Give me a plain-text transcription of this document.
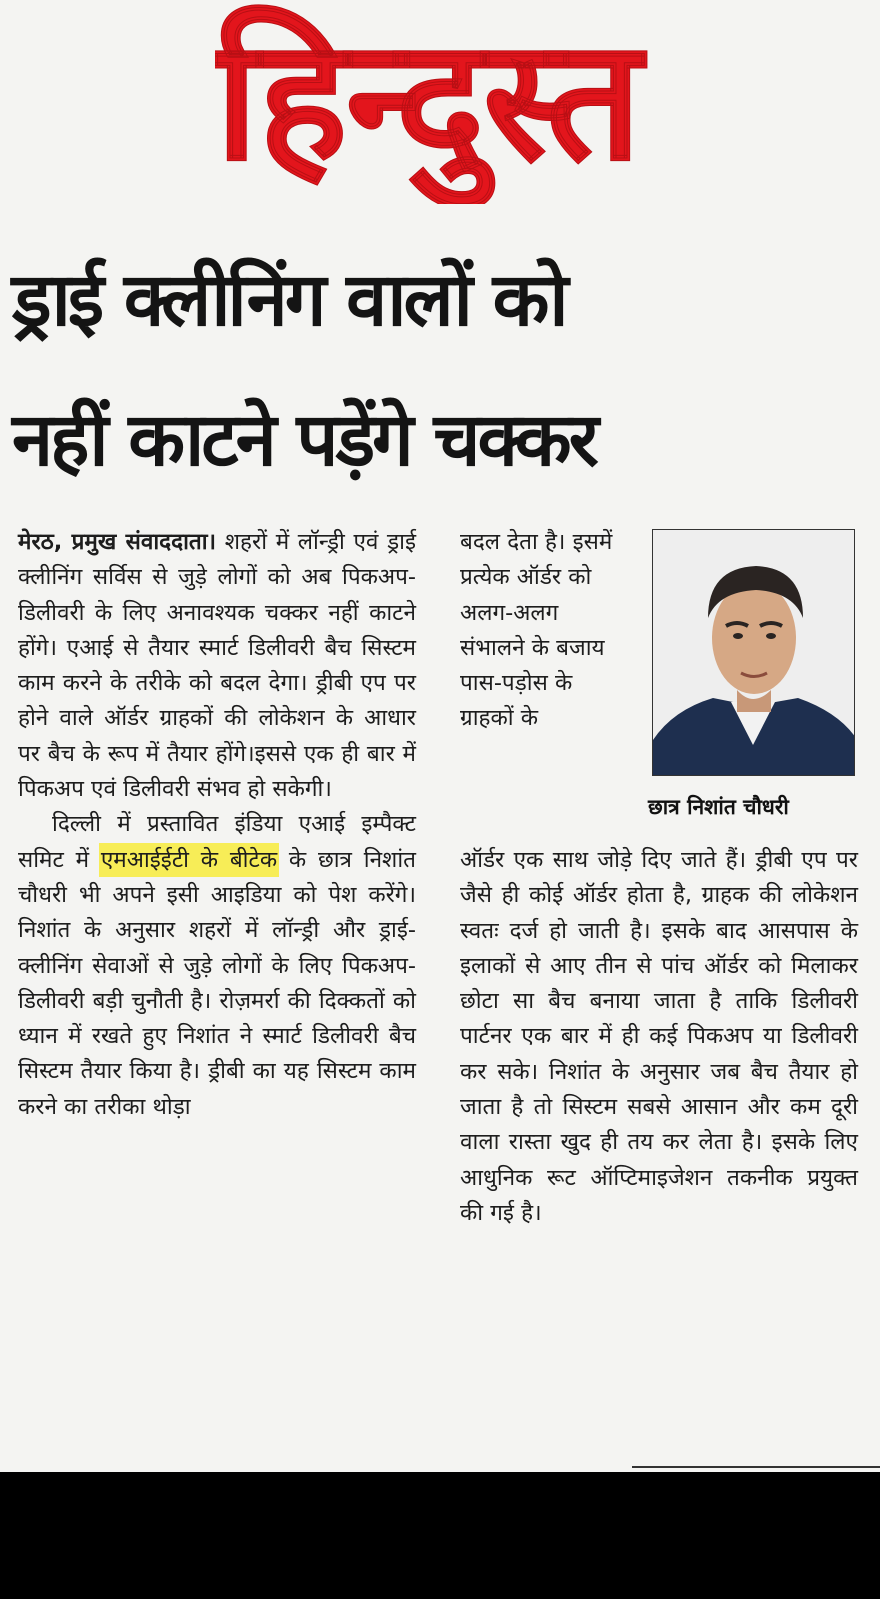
हिन्दुस्त
ड्राई क्लीनिंग वालों को
नहीं काटने पड़ेंगे चक्कर
मेरठ, प्रमुख संवाददाता। शहरों में लॉन्ड्री एवं ड्राई क्लीनिंग सर्विस से जुड़े लोगों को अब पिकअप-डिलीवरी के लिए अनावश्यक चक्कर नहीं काटने होंगे। एआई से तैयार स्मार्ट डिलीवरी बैच सिस्टम काम करने के तरीके को बदल देगा। ड्रीबी एप पर होने वाले ऑर्डर ग्राहकों की लोकेशन के आधार पर बैच के रूप में तैयार होंगे।इससे एक ही बार में पिकअप एवं डिलीवरी संभव हो सकेगी।
दिल्ली में प्रस्तावित इंडिया एआई इम्पैक्ट समिट में एमआईईटी के बीटेक के छात्र निशांत चौधरी भी अपने इसी आइडिया को पेश करेंगे। निशांत के अनुसार शहरों में लॉन्ड्री और ड्राई-क्लीनिंग सेवाओं से जुड़े लोगों के लिए पिकअप-डिलीवरी बड़ी चुनौती है। रोज़मर्रा की दिक्कतों को ध्यान में रखते हुए निशांत ने स्मार्ट डिलीवरी बैच सिस्टम तैयार किया है। ड्रीबी का यह सिस्टम काम करने का तरीका थोड़ा
बदल देता है। इसमें प्रत्येक ऑर्डर को अलग-अलग संभालने के बजाय पास-पड़ोस के ग्राहकों के
छात्र निशांत चौधरी
ऑर्डर एक साथ जोड़े दिए जाते हैं। ड्रीबी एप पर जैसे ही कोई ऑर्डर होता है, ग्राहक की लोकेशन स्वतः दर्ज हो जाती है। इसके बाद आसपास के इलाकों से आए तीन से पांच ऑर्डर को मिलाकर छोटा सा बैच बनाया जाता है ताकि डिलीवरी पार्टनर एक बार में ही कई पिकअप या डिलीवरी कर सके। निशांत के अनुसार जब बैच तैयार हो जाता है तो सिस्टम सबसे आसान और कम दूरी वाला रास्ता खुद ही तय कर लेता है। इसके लिए आधुनिक रूट ऑप्टिमाइजेशन तकनीक प्रयुक्त की गई है।
